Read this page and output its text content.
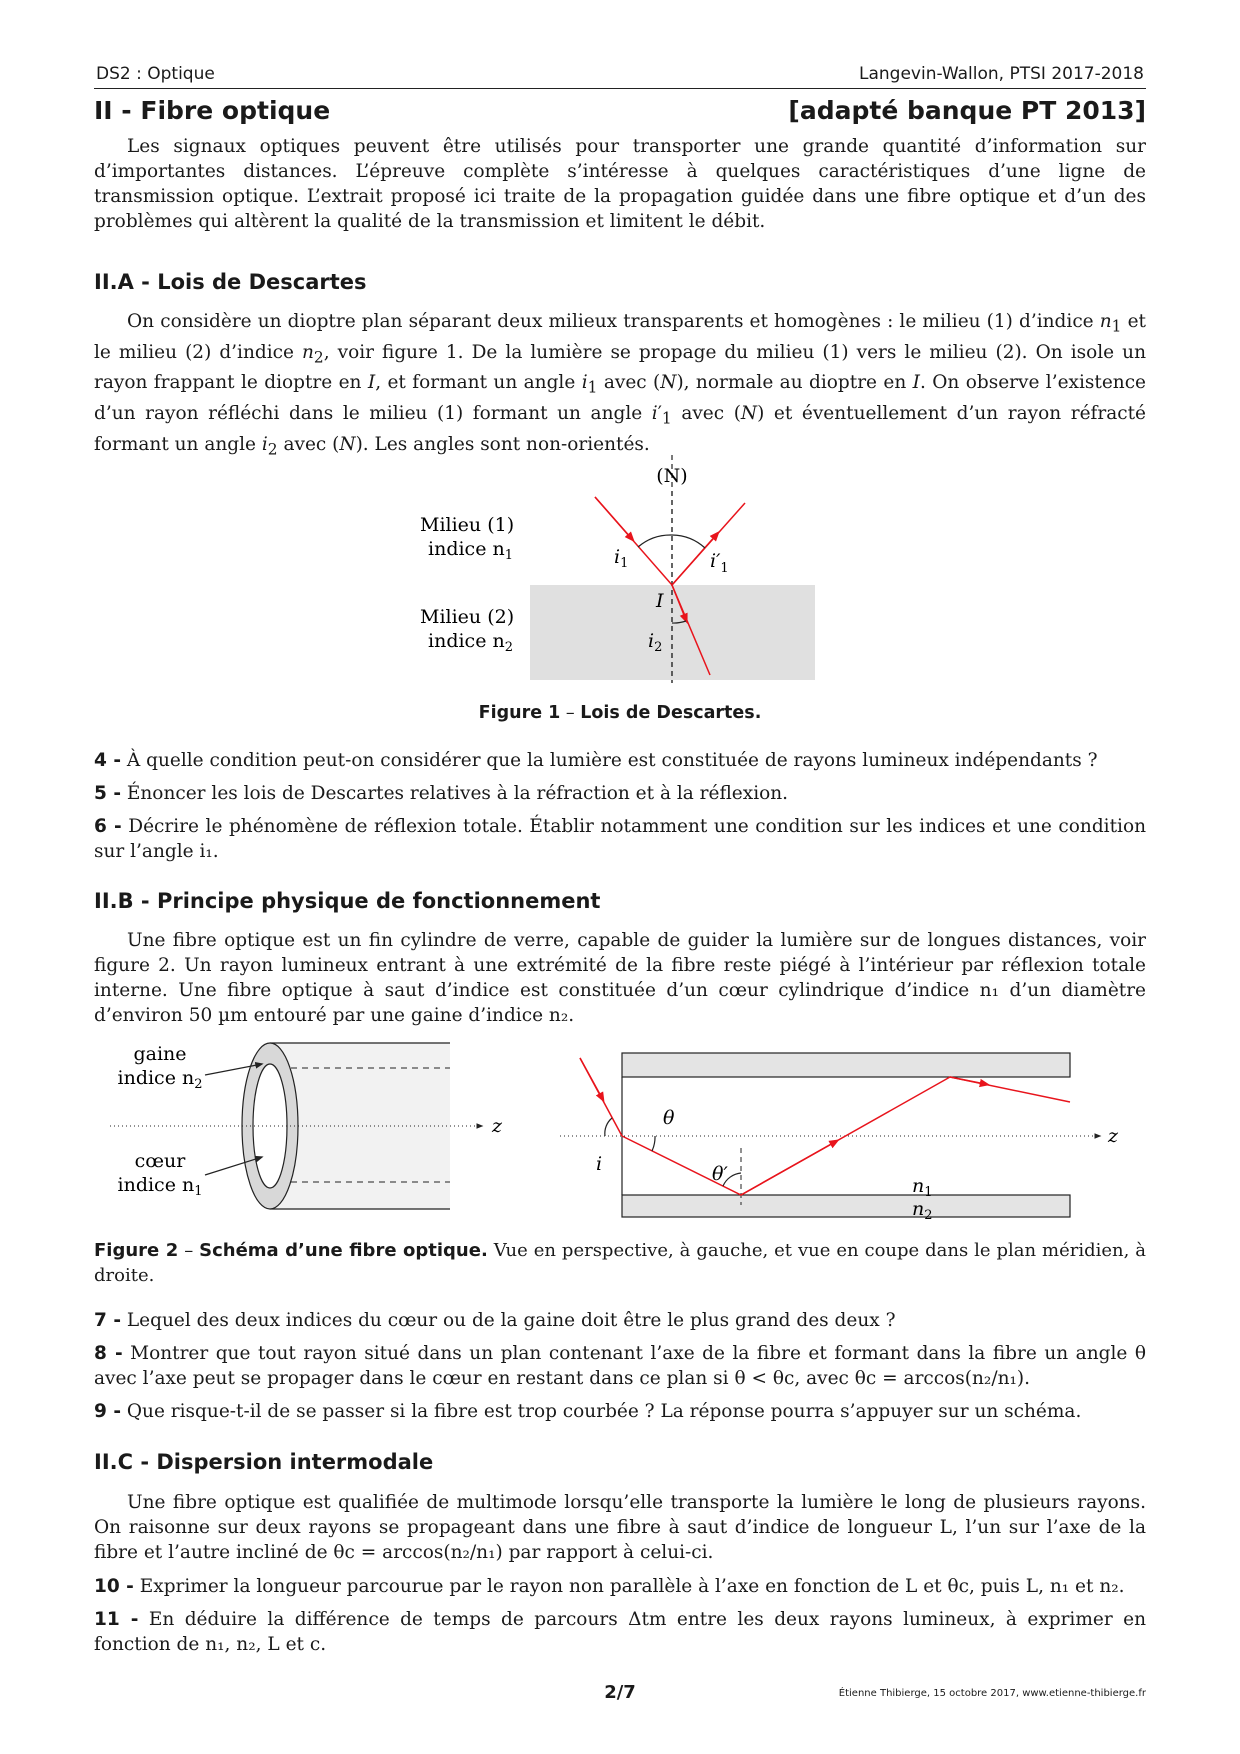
DS2 : Optique	Langevin-Wallon, PTSI 2017-2018
II - Fibre optique	[adapté banque PT 2013]

Les signaux optiques peuvent être utilisés pour transporter une grande quantité d’information sur d’importantes distances. L’épreuve complète s’intéresse à quelques caractéristiques d’une ligne de transmission optique. L’extrait proposé ici traite de la propagation guidée dans une fibre optique et d’un des problèmes qui altèrent la qualité de la transmission et limitent le débit.

II.A - Lois de Descartes

On considère un dioptre plan séparant deux milieux transparents et homogènes : le milieu (1) d’indice $n_1$ et le milieu (2) d’indice $n_2$, voir figure 1. De la lumière se propage du milieu (1) vers le milieu (2). On isole un rayon frappant le dioptre en I, et formant un angle $i_1$ avec (N), normale au dioptre en I. On observe l’existence d’un rayon réfléchi dans le milieu (1) formant un angle $i'_1$ avec (N) et éventuellement d’un rayon réfracté formant un angle $i_2$ avec (N). Les angles sont non-orientés.

(N)
Milieu (1)
indice $n_1$
Milieu (2)
indice $n_2$
$i_1$	$i'_1$
I
$i_2$
Figure 1 – Lois de Descartes.

4 - À quelle condition peut-on considérer que la lumière est constituée de rayons lumineux indépendants ?

5 - Énoncer les lois de Descartes relatives à la réfraction et à la réflexion.

6 - Décrire le phénomène de réflexion totale. Établir notamment une condition sur les indices et une condition sur l’angle i₁.

II.B - Principe physique de fonctionnement

Une fibre optique est un fin cylindre de verre, capable de guider la lumière sur de longues distances, voir figure 2. Un rayon lumineux entrant à une extrémité de la fibre reste piégé à l’intérieur par réflexion totale interne. Une fibre optique à saut d’indice est constituée d’un cœur cylindrique d’indice n₁ d’un diamètre d’environ 50 µm entouré par une gaine d’indice n₂.

z
gaine
indice $n_2$
cœur
indice $n_1$
z
i
θ
θ′
$n_1$
$n_2$
Figure 2 – Schéma d’une fibre optique. Vue en perspective, à gauche, et vue en coupe dans le plan méridien, à droite.

7 - Lequel des deux indices du cœur ou de la gaine doit être le plus grand des deux ?

8 - Montrer que tout rayon situé dans un plan contenant l’axe de la fibre et formant dans la fibre un angle θ avec l’axe peut se propager dans le cœur en restant dans ce plan si θ < θc, avec θc = arccos(n₂/n₁).

9 - Que risque-t-il de se passer si la fibre est trop courbée ? La réponse pourra s’appuyer sur un schéma.

II.C - Dispersion intermodale

Une fibre optique est qualifiée de multimode lorsqu’elle transporte la lumière le long de plusieurs rayons. On raisonne sur deux rayons se propageant dans une fibre à saut d’indice de longueur L, l’un sur l’axe de la fibre et l’autre incliné de θc = arccos(n₂/n₁) par rapport à celui-ci.

10 - Exprimer la longueur parcourue par le rayon non parallèle à l’axe en fonction de L et θc, puis L, n₁ et n₂.

11 - En déduire la différence de temps de parcours Δtm entre les deux rayons lumineux, à exprimer en fonction de n₁, n₂, L et c.

2/7	Étienne Thibierge, 15 octobre 2017, www.etienne-thibierge.fr
